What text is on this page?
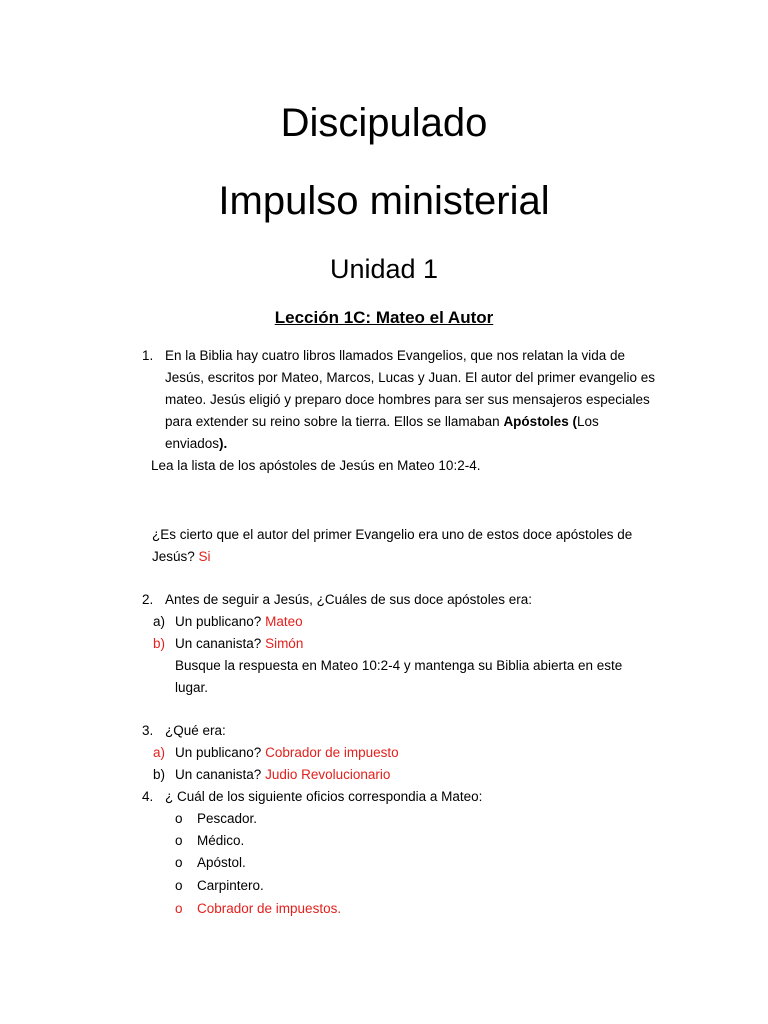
Discipulado
Impulso ministerial
Unidad 1
Lección 1C: Mateo el Autor
1. En la Biblia hay cuatro libros llamados Evangelios, que nos relatan la vida de
Jesús, escritos por Mateo, Marcos, Lucas y Juan. El autor del primer evangelio es
mateo. Jesús eligió y preparo doce hombres para ser sus mensajeros especiales
para extender su reino sobre la tierra. Ellos se llamaban Apóstoles (Los
enviados).
Lea la lista de los apóstoles de Jesús en Mateo 10:2-4.
¿Es cierto que el autor del primer Evangelio era uno de estos doce apóstoles de
Jesús? Si
2. Antes de seguir a Jesús, ¿Cuáles de sus doce apóstoles era:
a) Un publicano? Mateo
b) Un cananista? Simón
Busque la respuesta en Mateo 10:2-4 y mantenga su Biblia abierta en este
lugar.
3. ¿Qué era:
a) Un publicano? Cobrador de impuesto
b) Un cananista? Judio Revolucionario
4. ¿ Cuál de los siguiente oficios correspondia a Mateo:
o Pescador.
o Médico.
o Apóstol.
o Carpintero.
o Cobrador de impuestos.
